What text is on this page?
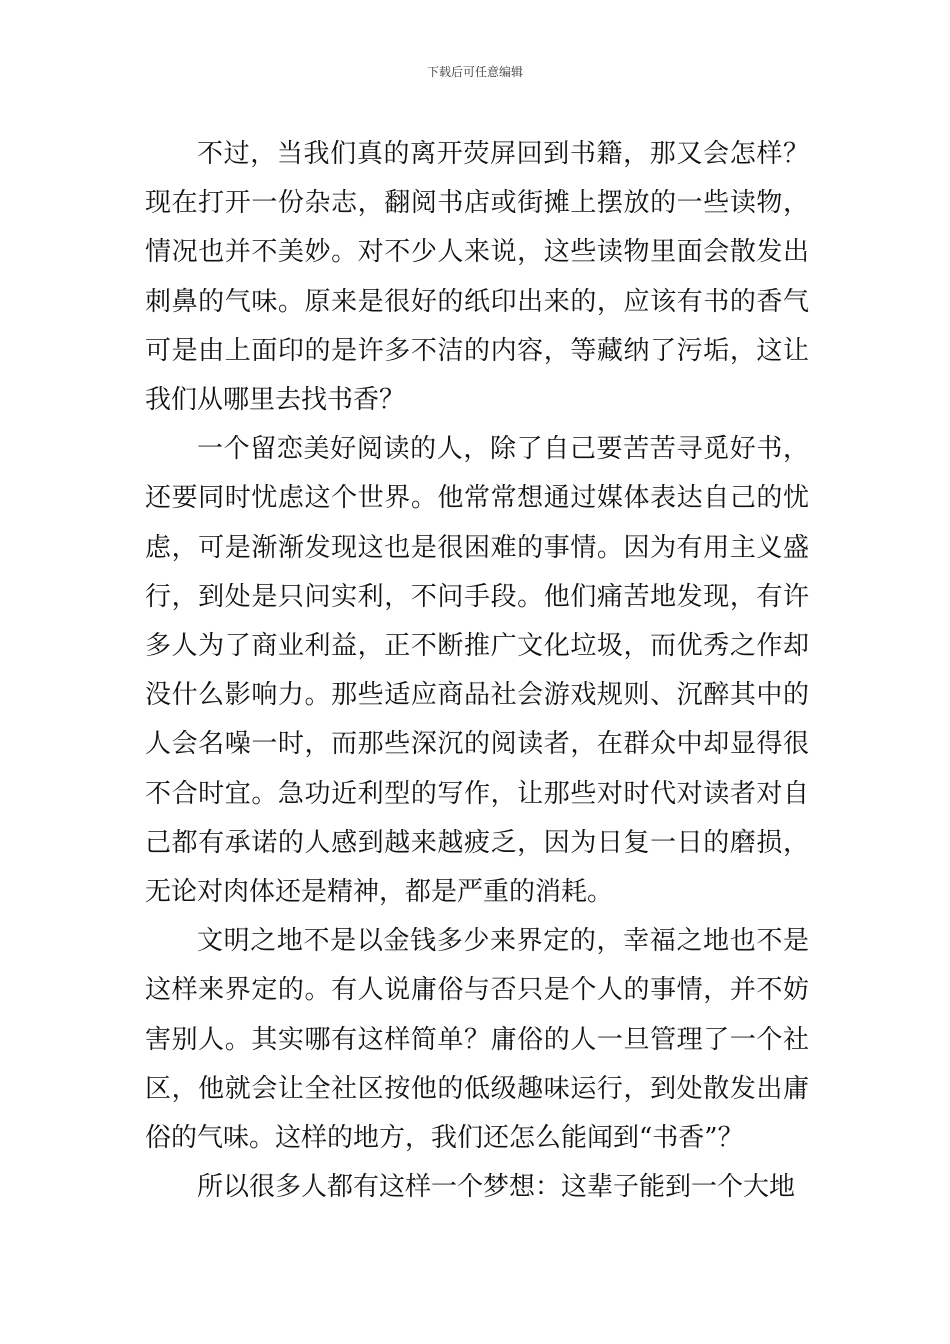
下载后可任意编辑

不过，当我们真的离开荧屏回到书籍，那又会怎样？现在打开一份杂志，翻阅书店或街摊上摆放的一些读物，情况也并不美妙。对不少人来说，这些读物里面会散发出刺鼻的气味。原来是很好的纸印出来的，应该有书的香气可是由上面印的是许多不洁的内容，等藏纳了污垢，这让我们从哪里去找书香？

一个留恋美好阅读的人，除了自己要苦苦寻觅好书，还要同时忧虑这个世界。他常常想通过媒体表达自己的忧虑，可是渐渐发现这也是很困难的事情。因为有用主义盛行，到处是只问实利，不问手段。他们痛苦地发现，有许多人为了商业利益，正不断推广文化垃圾，而优秀之作却没什么影响力。那些适应商品社会游戏规则、沉醉其中的人会名噪一时，而那些深沉的阅读者，在群众中却显得很不合时宜。急功近利型的写作，让那些对时代对读者对自己都有承诺的人感到越来越疲乏，因为日复一日的磨损，无论对肉体还是精神，都是严重的消耗。

文明之地不是以金钱多少来界定的，幸福之地也不是这样来界定的。有人说庸俗与否只是个人的事情，并不妨害别人。其实哪有这样简单？庸俗的人一旦管理了一个社区，他就会让全社区按他的低级趣味运行，到处散发出庸俗的气味。这样的地方，我们还怎么能闻到“书香”？

所以很多人都有这样一个梦想：这辈子能到一个大地
